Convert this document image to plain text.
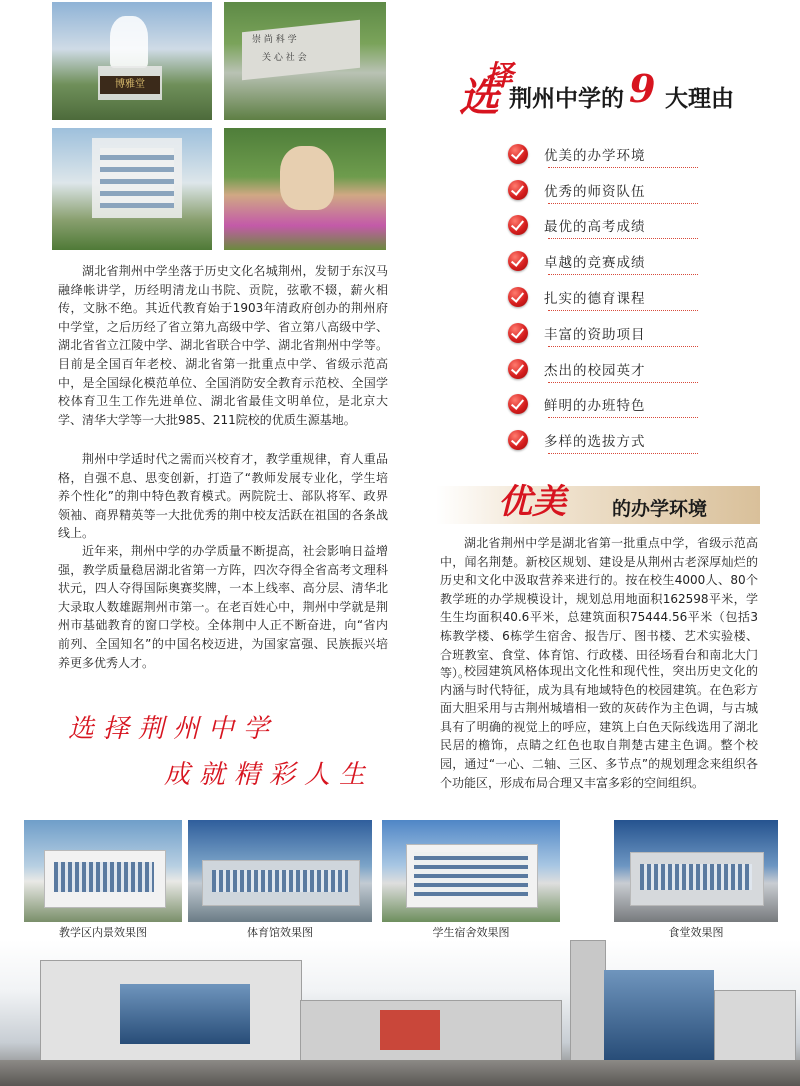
博雅堂
崇 尚 科 学
关 心 社 会

湖北省荆州中学坐落于历史文化名城荆州，发韧于东汉马融绛帐讲学，历经明清龙山书院、贡院，弦歌不辍，薪火相传，文脉不绝。其近代教育始于1903年清政府创办的荆州府中学堂，之后历经了省立第九高级中学、省立第八高级中学、湖北省省立江陵中学、湖北省联合中学、湖北省荆州中学等。目前是全国百年老校、湖北省第一批重点中学、省级示范高中，是全国绿化模范单位、全国消防安全教育示范校、全国学校体育卫生工作先进单位、湖北省最佳文明单位，是北京大学、清华大学等一大批985、211院校的优质生源基地。

荆州中学适时代之需而兴校育才，教学重规律，育人重品格，自强不息、思变创新，打造了“教师发展专业化，学生培养个性化”的荆中特色教育模式。两院院士、部队将军、政界领袖、商界精英等一大批优秀的荆中校友活跃在祖国的各条战线上。

近年来，荆州中学的办学质量不断提高，社会影响日益增强，教学质量稳居湖北省第一方阵，四次夺得全省高考文理科状元，四人夺得国际奥赛奖牌，一本上线率、高分层、清华北大录取人数雄踞荆州市第一。在老百姓心中，荆州中学就是荆州市基础教育的窗口学校。全体荆中人正不断奋进，向“省内前列、全国知名”的中国名校迈进，为国家富强、民族振兴培养更多优秀人才。

选
择
荆州中学的 9 大理由
优美的办学环境
优秀的师资队伍
最优的高考成绩
卓越的竞赛成绩
扎实的德育课程
丰富的资助项目
杰出的校园英才
鲜明的办班特色
多样的选拔方式
优美 的办学环境

湖北省荆州中学是湖北省第一批重点中学，省级示范高中，闻名荆楚。新校区规划、建设是从荆州古老深厚灿烂的历史和文化中汲取营养来进行的。按在校生4000人、80个教学班的办学规模设计，规划总用地面积162598平米，学生生均面积40.6平米，总建筑面积75444.56平米（包括3栋教学楼、6栋学生宿舍、报告厅、图书楼、艺术实验楼、合班教室、食堂、体育馆、行政楼、田径场看台和南北大门等）。

校园建筑风格体现出文化性和现代性，突出历史文化的内涵与时代特征，成为具有地域特色的校园建筑。在色彩方面大胆采用与古荆州城墙相一致的灰砖作为主色调，与古城具有了明确的视觉上的呼应，建筑上白色天际线选用了湖北民居的檐饰，点睛之红色也取自荆楚古建主色调。整个校园，通过“一心、二轴、三区、多节点”的规划理念来组织各个功能区，形成布局合理又丰富多彩的空间组织。

选择荆州中学
成就精彩人生
教学区内景效果图	体育馆效果图	学生宿舍效果图	食堂效果图
